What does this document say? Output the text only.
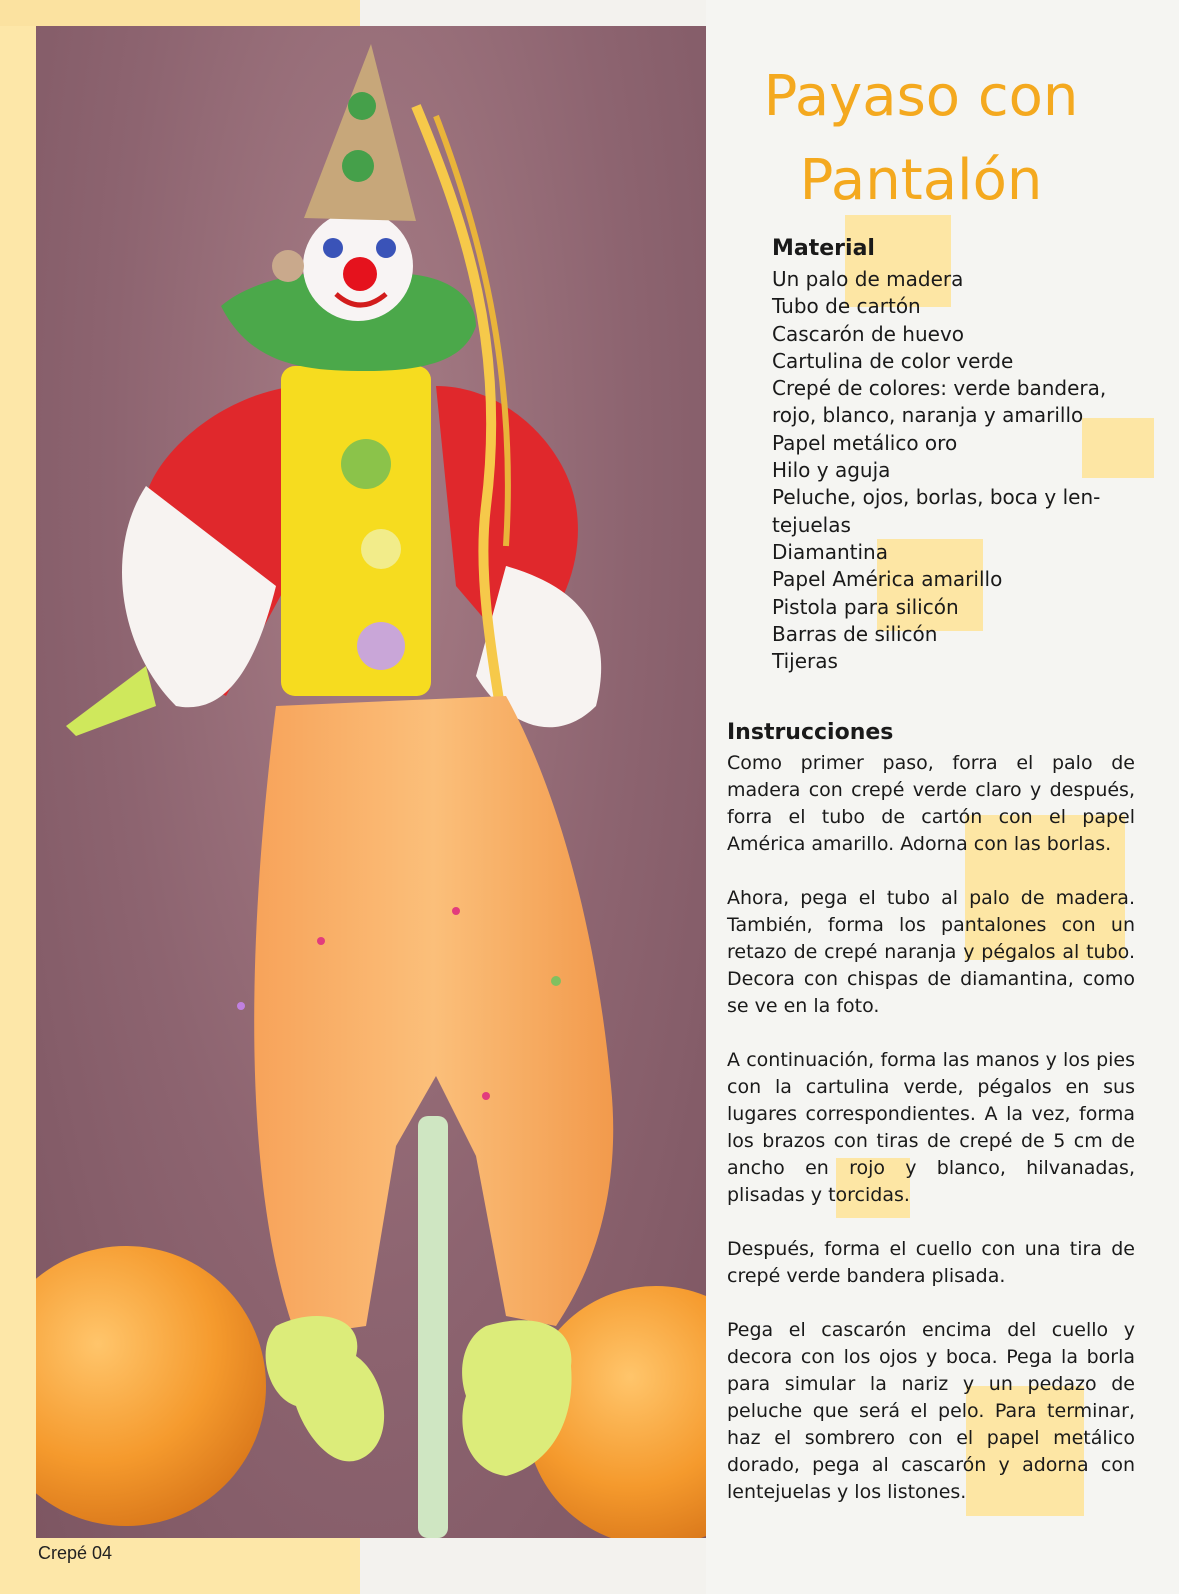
Payaso con
Pantalón
Material
Un palo de madera
Tubo de cartón
Cascarón de huevo
Cartulina de color verde
Crepé de colores: verde bandera,
rojo, blanco, naranja y amarillo
Papel metálico oro
Hilo y aguja
Peluche, ojos, borlas, boca y len-
tejuelas
Diamantina
Papel América amarillo
Pistola para silicón
Barras de silicón
Tijeras
Instrucciones

Como primer paso, forra el palo de madera con crepé verde claro y después, forra el tubo de cartón con el papel América amarillo. Adorna con las borlas.

Ahora, pega el tubo al palo de madera. También, forma los pantalones con un retazo de crepé naranja y pégalos al tubo. Decora con chispas de diamantina, como se ve en la foto.

A continuación, forma las manos y los pies con la cartulina verde, pégalos en sus lugares correspondientes. A la vez, forma los brazos con tiras de crepé de 5 cm de ancho en rojo y blanco, hilvanadas, plisadas y torcidas.

Después, forma el cuello con una tira de crepé verde bandera plisada.

Pega el cascarón encima del cuello y decora con los ojos y boca. Pega la borla para simular la nariz y un pedazo de peluche que será el pelo. Para terminar, haz el sombrero con el papel metálico dorado, pega al cascarón y adorna con lentejuelas y los listones.

Crepé 04
